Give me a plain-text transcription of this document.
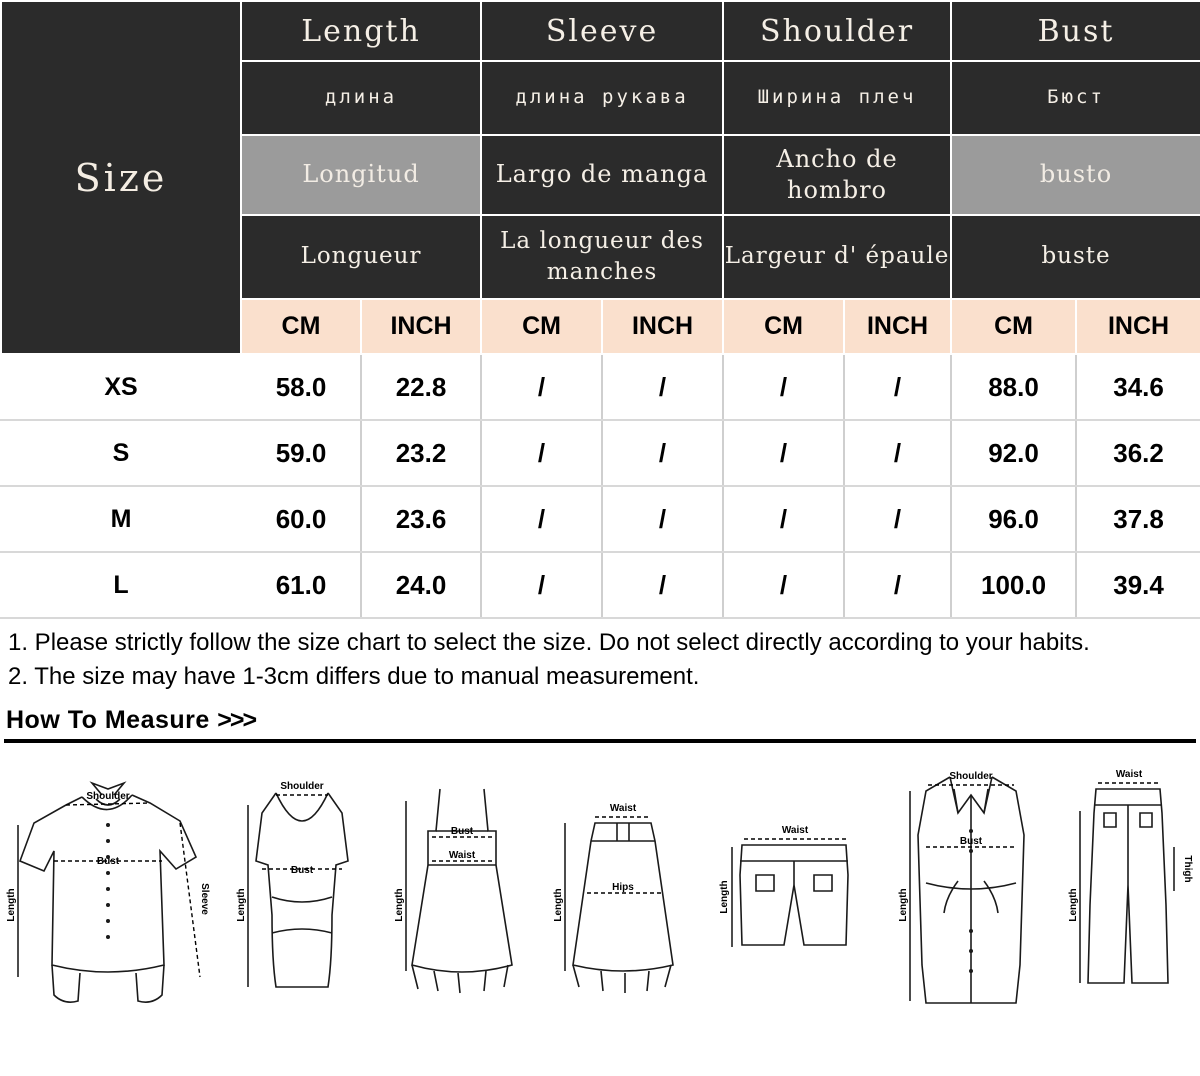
Size	Length		Sleeve		Shoulder		Bust	
	длина		длина рукава		Ширина плеч		Бюст	
	Longitud		Largo de manga		Ancho de hombro		busto	
	Longueur		La longueur des manches		Largeur d' épaule		buste	
	CM	INCH	CM	INCH	CM	INCH	CM	INCH
XS	58.0	22.8	/	/	/	/	88.0	34.6
S	59.0	23.2	/	/	/	/	92.0	36.2
M	60.0	23.6	/	/	/	/	96.0	37.8
L	61.0	24.0	/	/	/	/	100.0	39.4

1. Please strictly follow the size chart to select the size. Do not select directly according to your habits.

2. The size may have 1-3cm differs due to manual measurement.

How To Measure >>>
Shoulder
Bust
Sleeve
Length
Shoulder
Bust
Length
Bust
Waist
Length
Waist
Hips
Length
Waist
Length
Shoulder
Bust
Length
Waist
Thigh
Length
